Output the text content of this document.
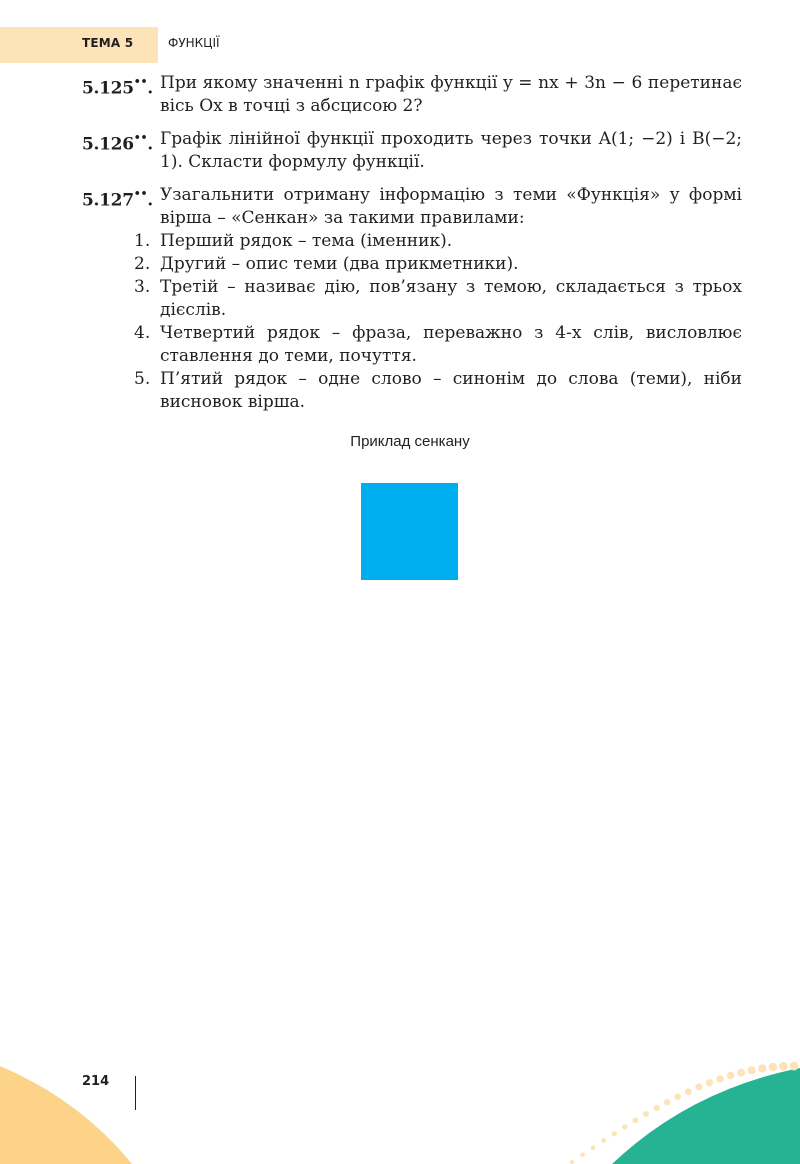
ТЕМА 5	ФУНКЦІЇ
5.125••. При якому значенні n графік функції y = nx + 3n − 6 перетинає вісь Ox в точці з абсцисою 2?
5.126••. Графік лінійної функції проходить через точки A(1; −2) і B(−2; 1). Скласти формулу функції.
5.127••. Узагальнити отриману інформацію з теми «Функція» у формі вірша – «Сенкан» за такими правилами:
1. Перший рядок – тема (іменник).
2. Другий – опис теми (два прикметники).
3. Третій – називає дію, пов’язану з темою, складається з трьох дієслів.
4. Четвертий рядок – фраза, переважно з 4-х слів, висловлює ставлення до теми, почуття.
5. П’ятий рядок – одне слово – синонім до слова (теми), ніби висновок вірша.
Приклад сенкану
214
